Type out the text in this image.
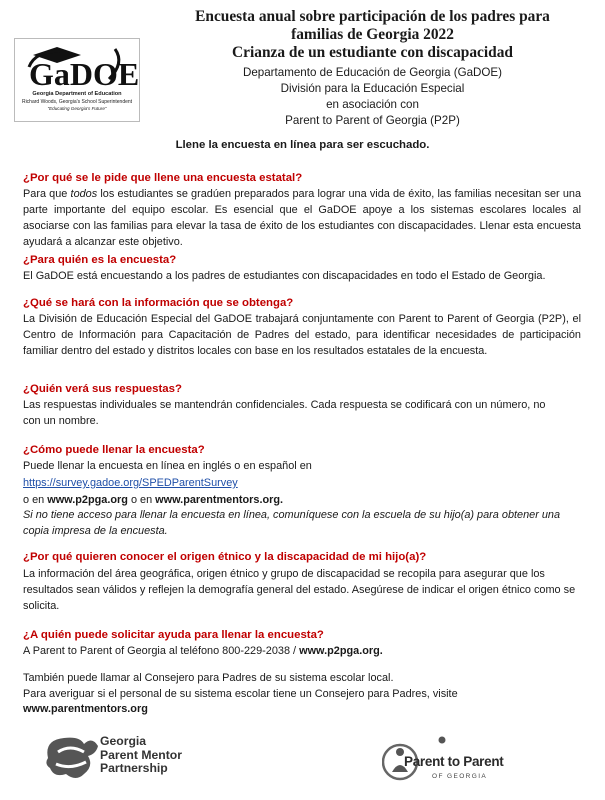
GaDOE
Georgia Department of Education
Richard Woods, Georgia's School Superintendent
"Educating Georgia's Future"

Encuesta anual sobre participación de los padres para

familias de Georgia 2022

Crianza de un estudiante con discapacidad

Departamento de Educación de Georgia (GaDOE)

División para la Educación Especial

en asociación con

Parent to Parent of Georgia (P2P)

Llene la encuesta en línea para ser escuchado.

¿Por qué se le pide que llene una encuesta estatal?

Para que todos los estudiantes se gradúen preparados para lograr una vida de éxito, las familias necesitan ser una parte importante del equipo escolar. Es esencial que el GaDOE apoye a los sistemas escolares locales al asociarse con las familias para elevar la tasa de éxito de los estudiantes con discapacidades. Llenar esta encuesta ayudará a alcanzar este objetivo.

¿Para quién es la encuesta?

El GaDOE está encuestando a los padres de estudiantes con discapacidades en todo el Estado de Georgia.

¿Qué se hará con la información que se obtenga?

La División de Educación Especial del GaDOE trabajará conjuntamente con Parent to Parent of Georgia (P2P), el Centro de Información para Capacitación de Padres del estado, para identificar necesidades de participación familiar dentro del estado y distritos locales con base en los resultados estatales de la encuesta.

¿Quién verá sus respuestas?

Las respuestas individuales se mantendrán confidenciales. Cada respuesta se codificará con un número, no con un nombre.

¿Cómo puede llenar la encuesta?

Puede llenar la encuesta en línea en inglés o en español en

https://survey.gadoe.org/SPEDParentSurvey

o en www.p2pga.org o en www.parentmentors.org.

Si no tiene acceso para llenar la encuesta en línea, comuníquese con la escuela de su hijo(a) para obtener una copia impresa de la encuesta.

¿Por qué quieren conocer el origen étnico y la discapacidad de mi hijo(a)?

La información del área geográfica, origen étnico y grupo de discapacidad se recopila para asegurar que los resultados sean válidos y reflejen la demografía general del estado. Asegúrese de indicar el origen étnico como se solicita.

¿A quién puede solicitar ayuda para llenar la encuesta?

A Parent to Parent of Georgia al teléfono 800-229-2038 / www.p2pga.org.

También puede llamar al Consejero para Padres de su sistema escolar local.

Para averiguar si el personal de su sistema escolar tiene un Consejero para Padres, visite

www.parentmentors.org

Georgia
Parent Mentor
Partnership	Parent to Parent
OF GEORGIA
